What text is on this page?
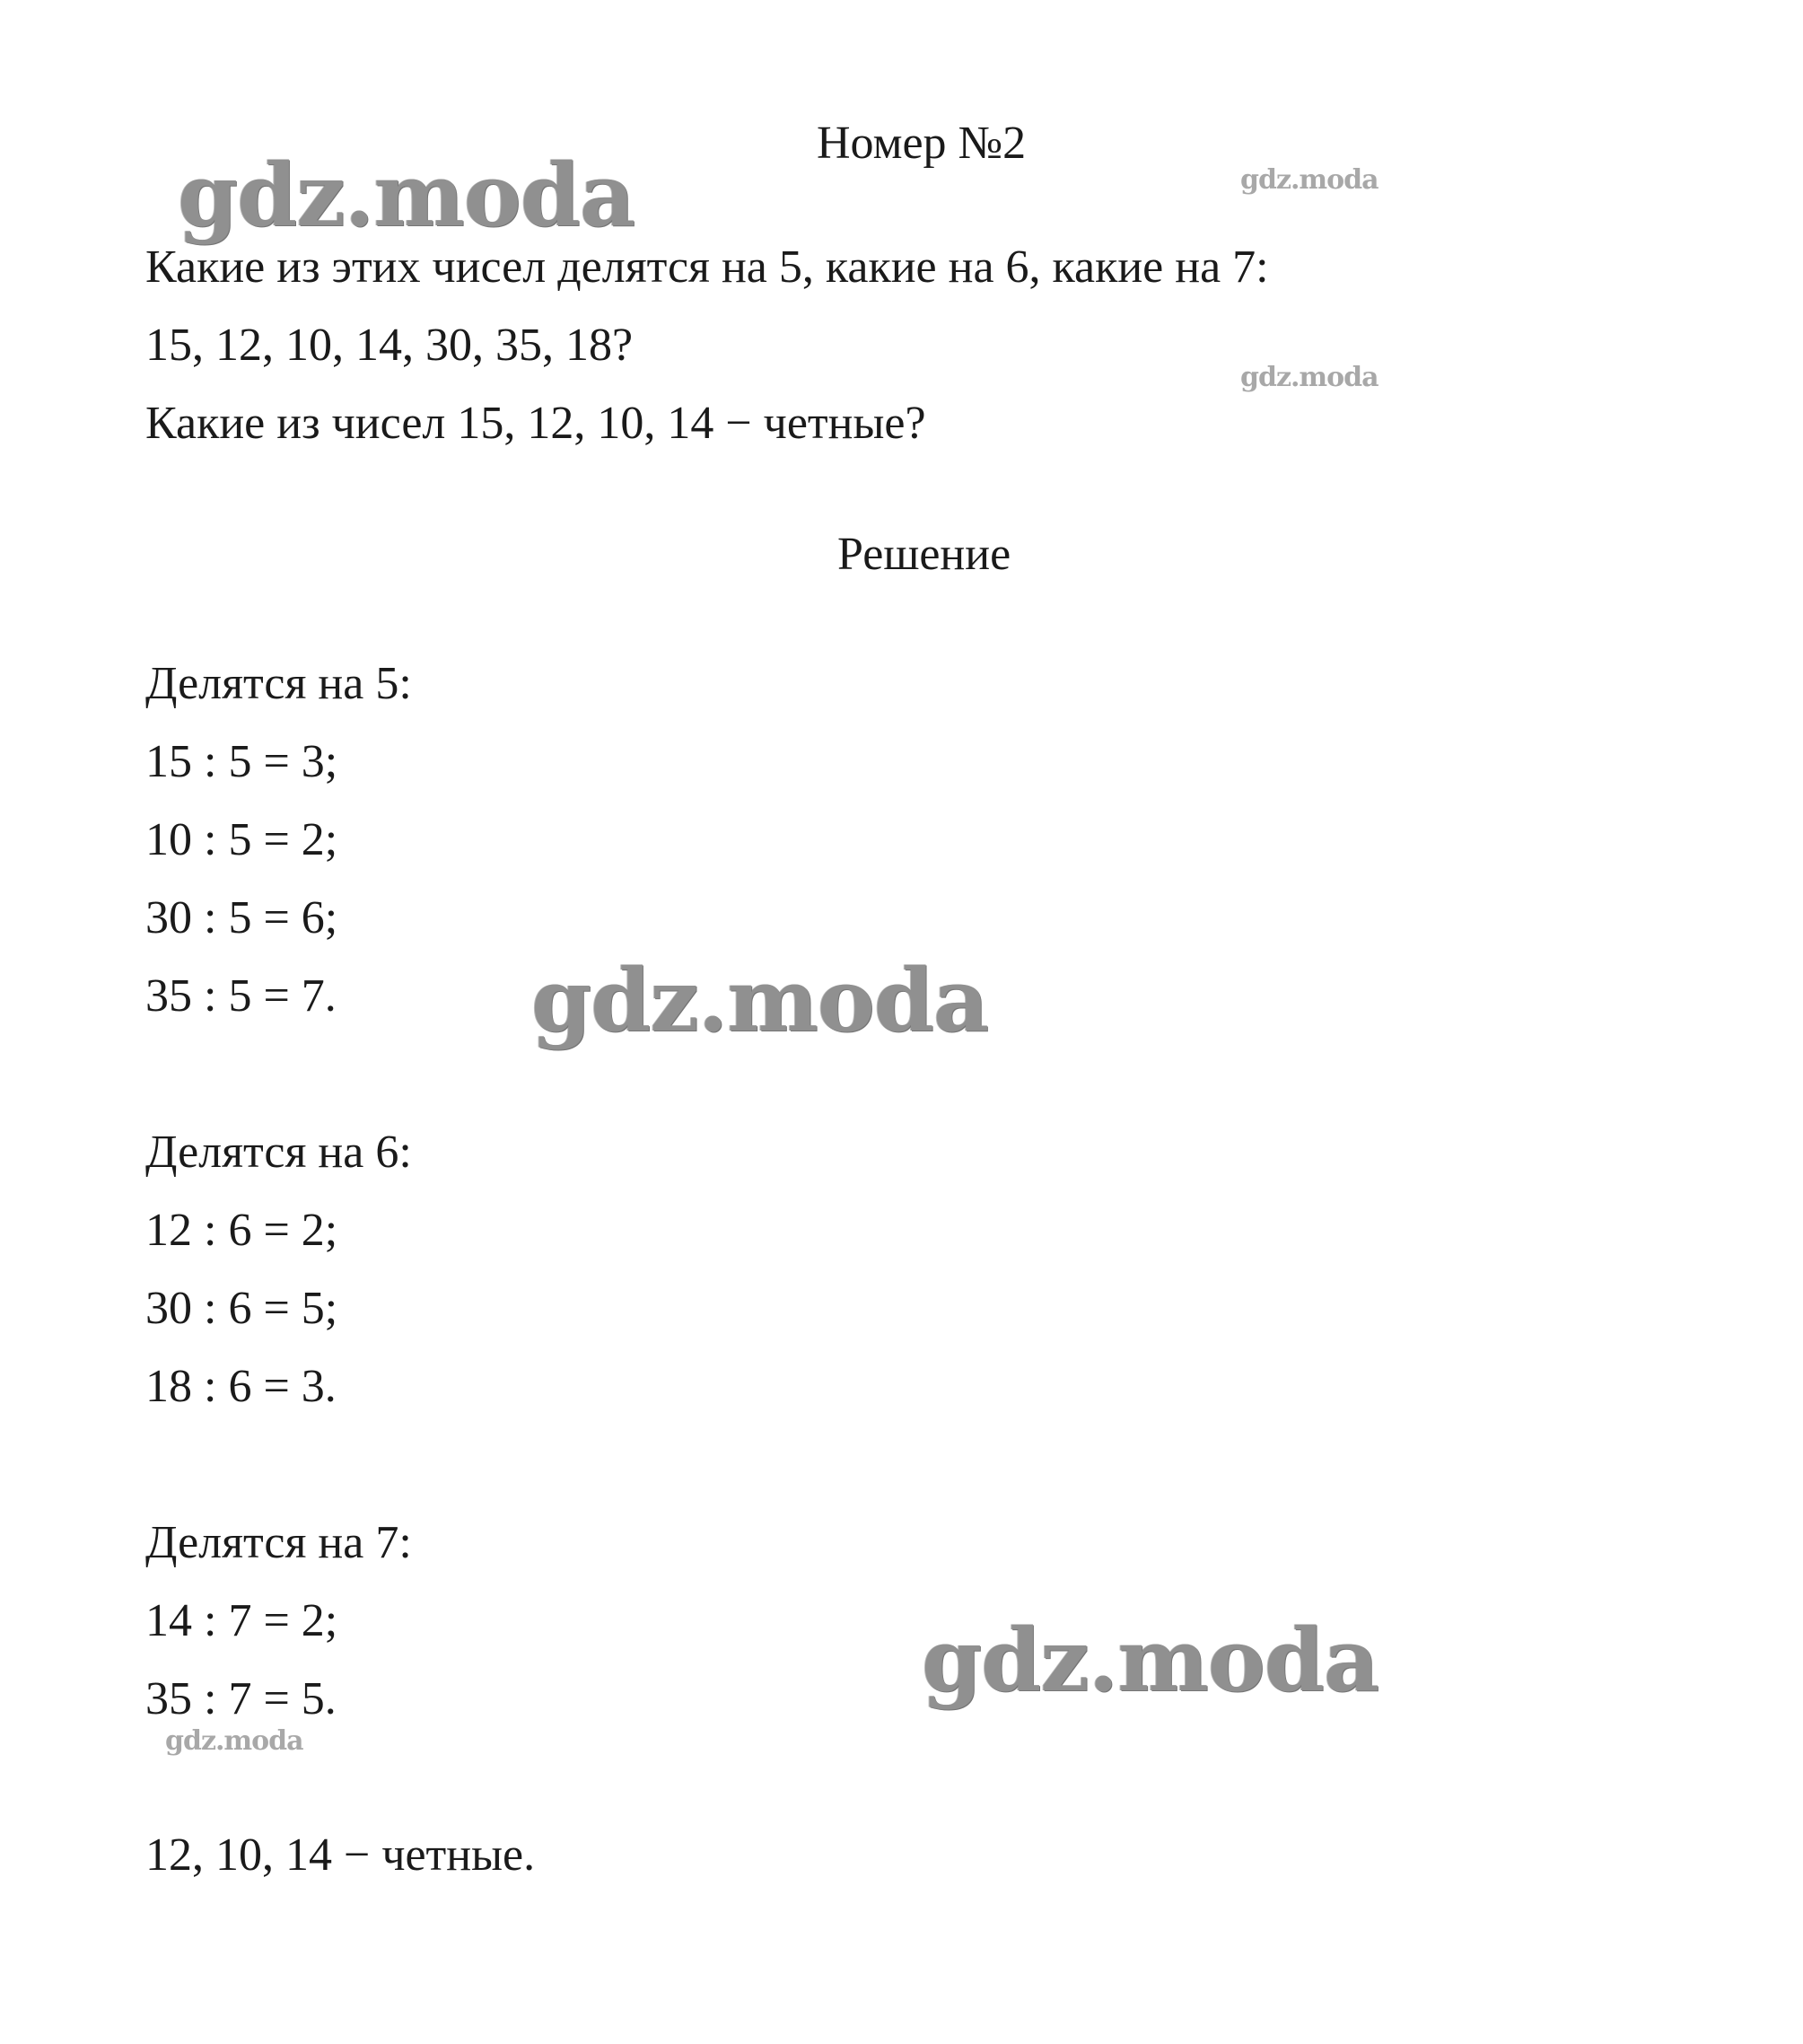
gdz.moda	gdz.moda
gdz.moda
gdz.moda
gdz.moda
gdz.moda
Номер №2
Какие из этих чисел делятся на 5, какие на 6, какие на 7:
15, 12, 10, 14, 30, 35, 18?
Какие из чисел 15, 12, 10, 14 − четные?
Решение
Делятся на 5:
15 : 5 = 3;
10 : 5 = 2;
30 : 5 = 6;
35 : 5 = 7.
Делятся на 6:
12 : 6 = 2;
30 : 6 = 5;
18 : 6 = 3.
Делятся на 7:
14 : 7 = 2;
35 : 7 = 5.
12, 10, 14 − четные.
